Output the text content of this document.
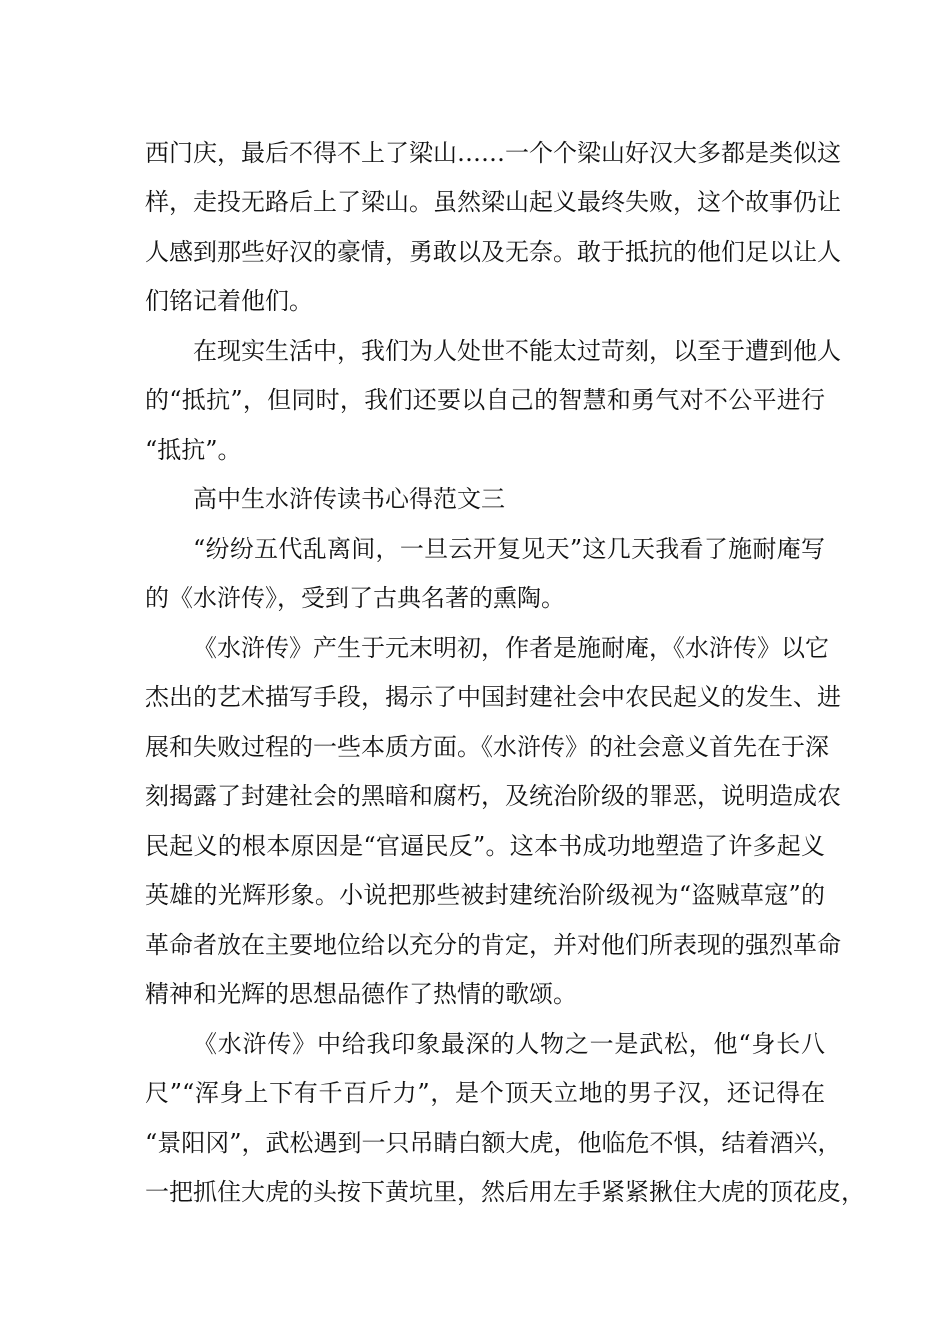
西门庆，最后不得不上了梁山……一个个梁山好汉大多都是类似这
样，走投无路后上了梁山。虽然梁山起义最终失败，这个故事仍让
人感到那些好汉的豪情，勇敢以及无奈。敢于抵抗的他们足以让人
们铭记着他们。
在现实生活中，我们为人处世不能太过苛刻，以至于遭到他人
的“抵抗”，但同时，我们还要以自己的智慧和勇气对不公平进行
“抵抗”。
高中生水浒传读书心得范文三
“纷纷五代乱离间，一旦云开复见天”这几天我看了施耐庵写
的《水浒传》，受到了古典名著的熏陶。
《水浒传》产生于元末明初，作者是施耐庵，《水浒传》以它
杰出的艺术描写手段，揭示了中国封建社会中农民起义的发生、进
展和失败过程的一些本质方面。《水浒传》的社会意义首先在于深
刻揭露了封建社会的黑暗和腐朽，及统治阶级的罪恶，说明造成农
民起义的根本原因是“官逼民反”。这本书成功地塑造了许多起义
英雄的光辉形象。小说把那些被封建统治阶级视为“盗贼草寇”的
革命者放在主要地位给以充分的肯定，并对他们所表现的强烈革命
精神和光辉的思想品德作了热情的歌颂。
《水浒传》中给我印象最深的人物之一是武松，他“身长八
尺”“浑身上下有千百斤力”，是个顶天立地的男子汉，还记得在
“景阳冈”，武松遇到一只吊睛白额大虎，他临危不惧，结着酒兴，
一把抓住大虎的头按下黄坑里，然后用左手紧紧揪住大虎的顶花皮，
